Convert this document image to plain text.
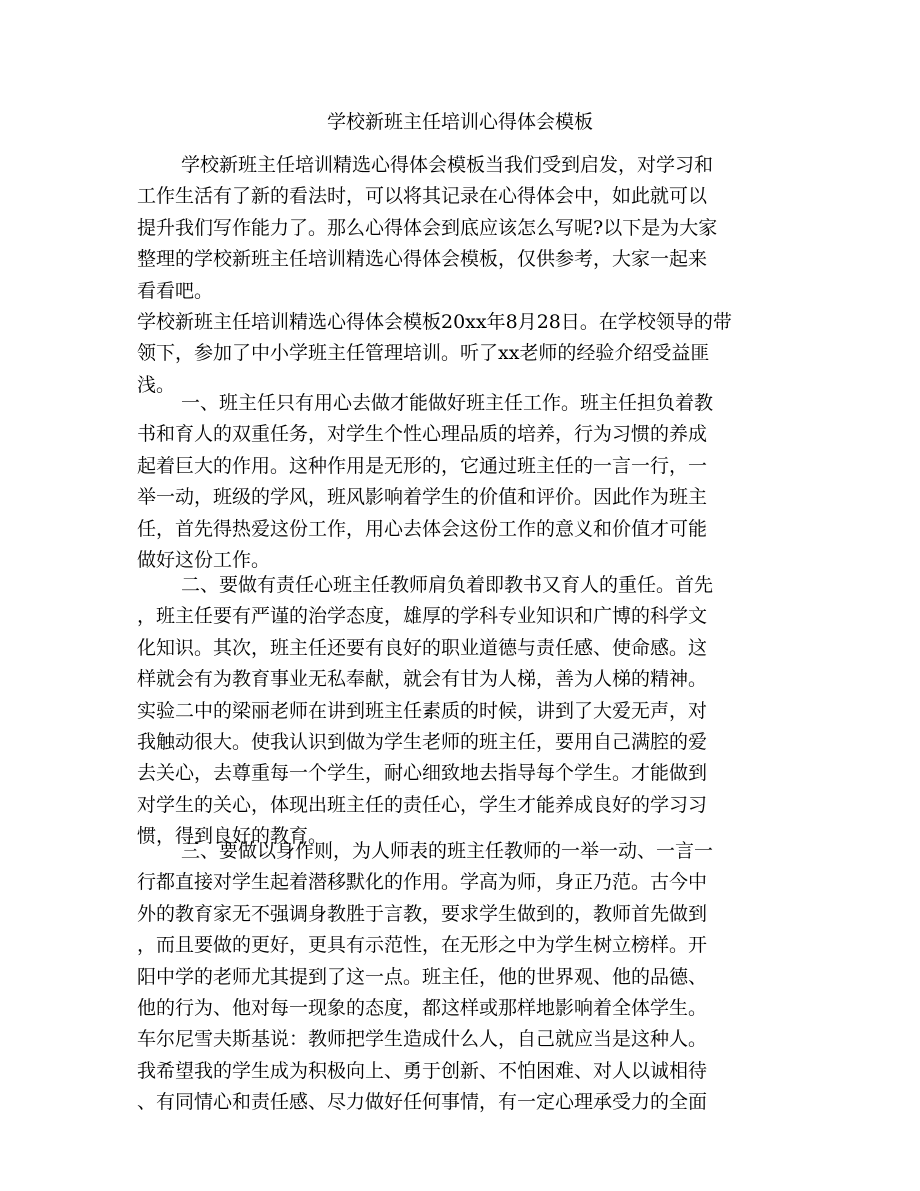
学校新班主任培训心得体会模板
学校新班主任培训精选心得体会模板当我们受到启发，对学习和
工作生活有了新的看法时，可以将其记录在心得体会中，如此就可以
提升我们写作能力了。那么心得体会到底应该怎么写呢?以下是为大家
整理的学校新班主任培训精选心得体会模板，仅供参考，大家一起来
看看吧。
学校新班主任培训精选心得体会模板20xx年8月28日。在学校领导的带
领下，参加了中小学班主任管理培训。听了xx老师的经验介绍受益匪
浅。
一、班主任只有用心去做才能做好班主任工作。班主任担负着教
书和育人的双重任务，对学生个性心理品质的培养，行为习惯的养成
起着巨大的作用。这种作用是无形的，它通过班主任的一言一行，一
举一动，班级的学风，班风影响着学生的价值和评价。因此作为班主
任，首先得热爱这份工作，用心去体会这份工作的意义和价值才可能
做好这份工作。
二、要做有责任心班主任教师肩负着即教书又育人的重任。首先
，班主任要有严谨的治学态度，雄厚的学科专业知识和广博的科学文
化知识。其次，班主任还要有良好的职业道德与责任感、使命感。这
样就会有为教育事业无私奉献，就会有甘为人梯，善为人梯的精神。
实验二中的梁丽老师在讲到班主任素质的时候，讲到了大爱无声，对
我触动很大。使我认识到做为学生老师的班主任，要用自己满腔的爱
去关心，去尊重每一个学生，耐心细致地去指导每个学生。才能做到
对学生的关心，体现出班主任的责任心，学生才能养成良好的学习习
惯，得到良好的教育。
三、要做以身作则，为人师表的班主任教师的一举一动、一言一
行都直接对学生起着潜移默化的作用。学高为师，身正乃范。古今中
外的教育家无不强调身教胜于言教，要求学生做到的，教师首先做到
，而且要做的更好，更具有示范性，在无形之中为学生树立榜样。开
阳中学的老师尤其提到了这一点。班主任，他的世界观、他的品德、
他的行为、他对每一现象的态度，都这样或那样地影响着全体学生。
车尔尼雪夫斯基说：教师把学生造成什么人，自己就应当是这种人。
我希望我的学生成为积极向上、勇于创新、不怕困难、对人以诚相待
、有同情心和责任感、尽力做好任何事情，有一定心理承受力的全面
